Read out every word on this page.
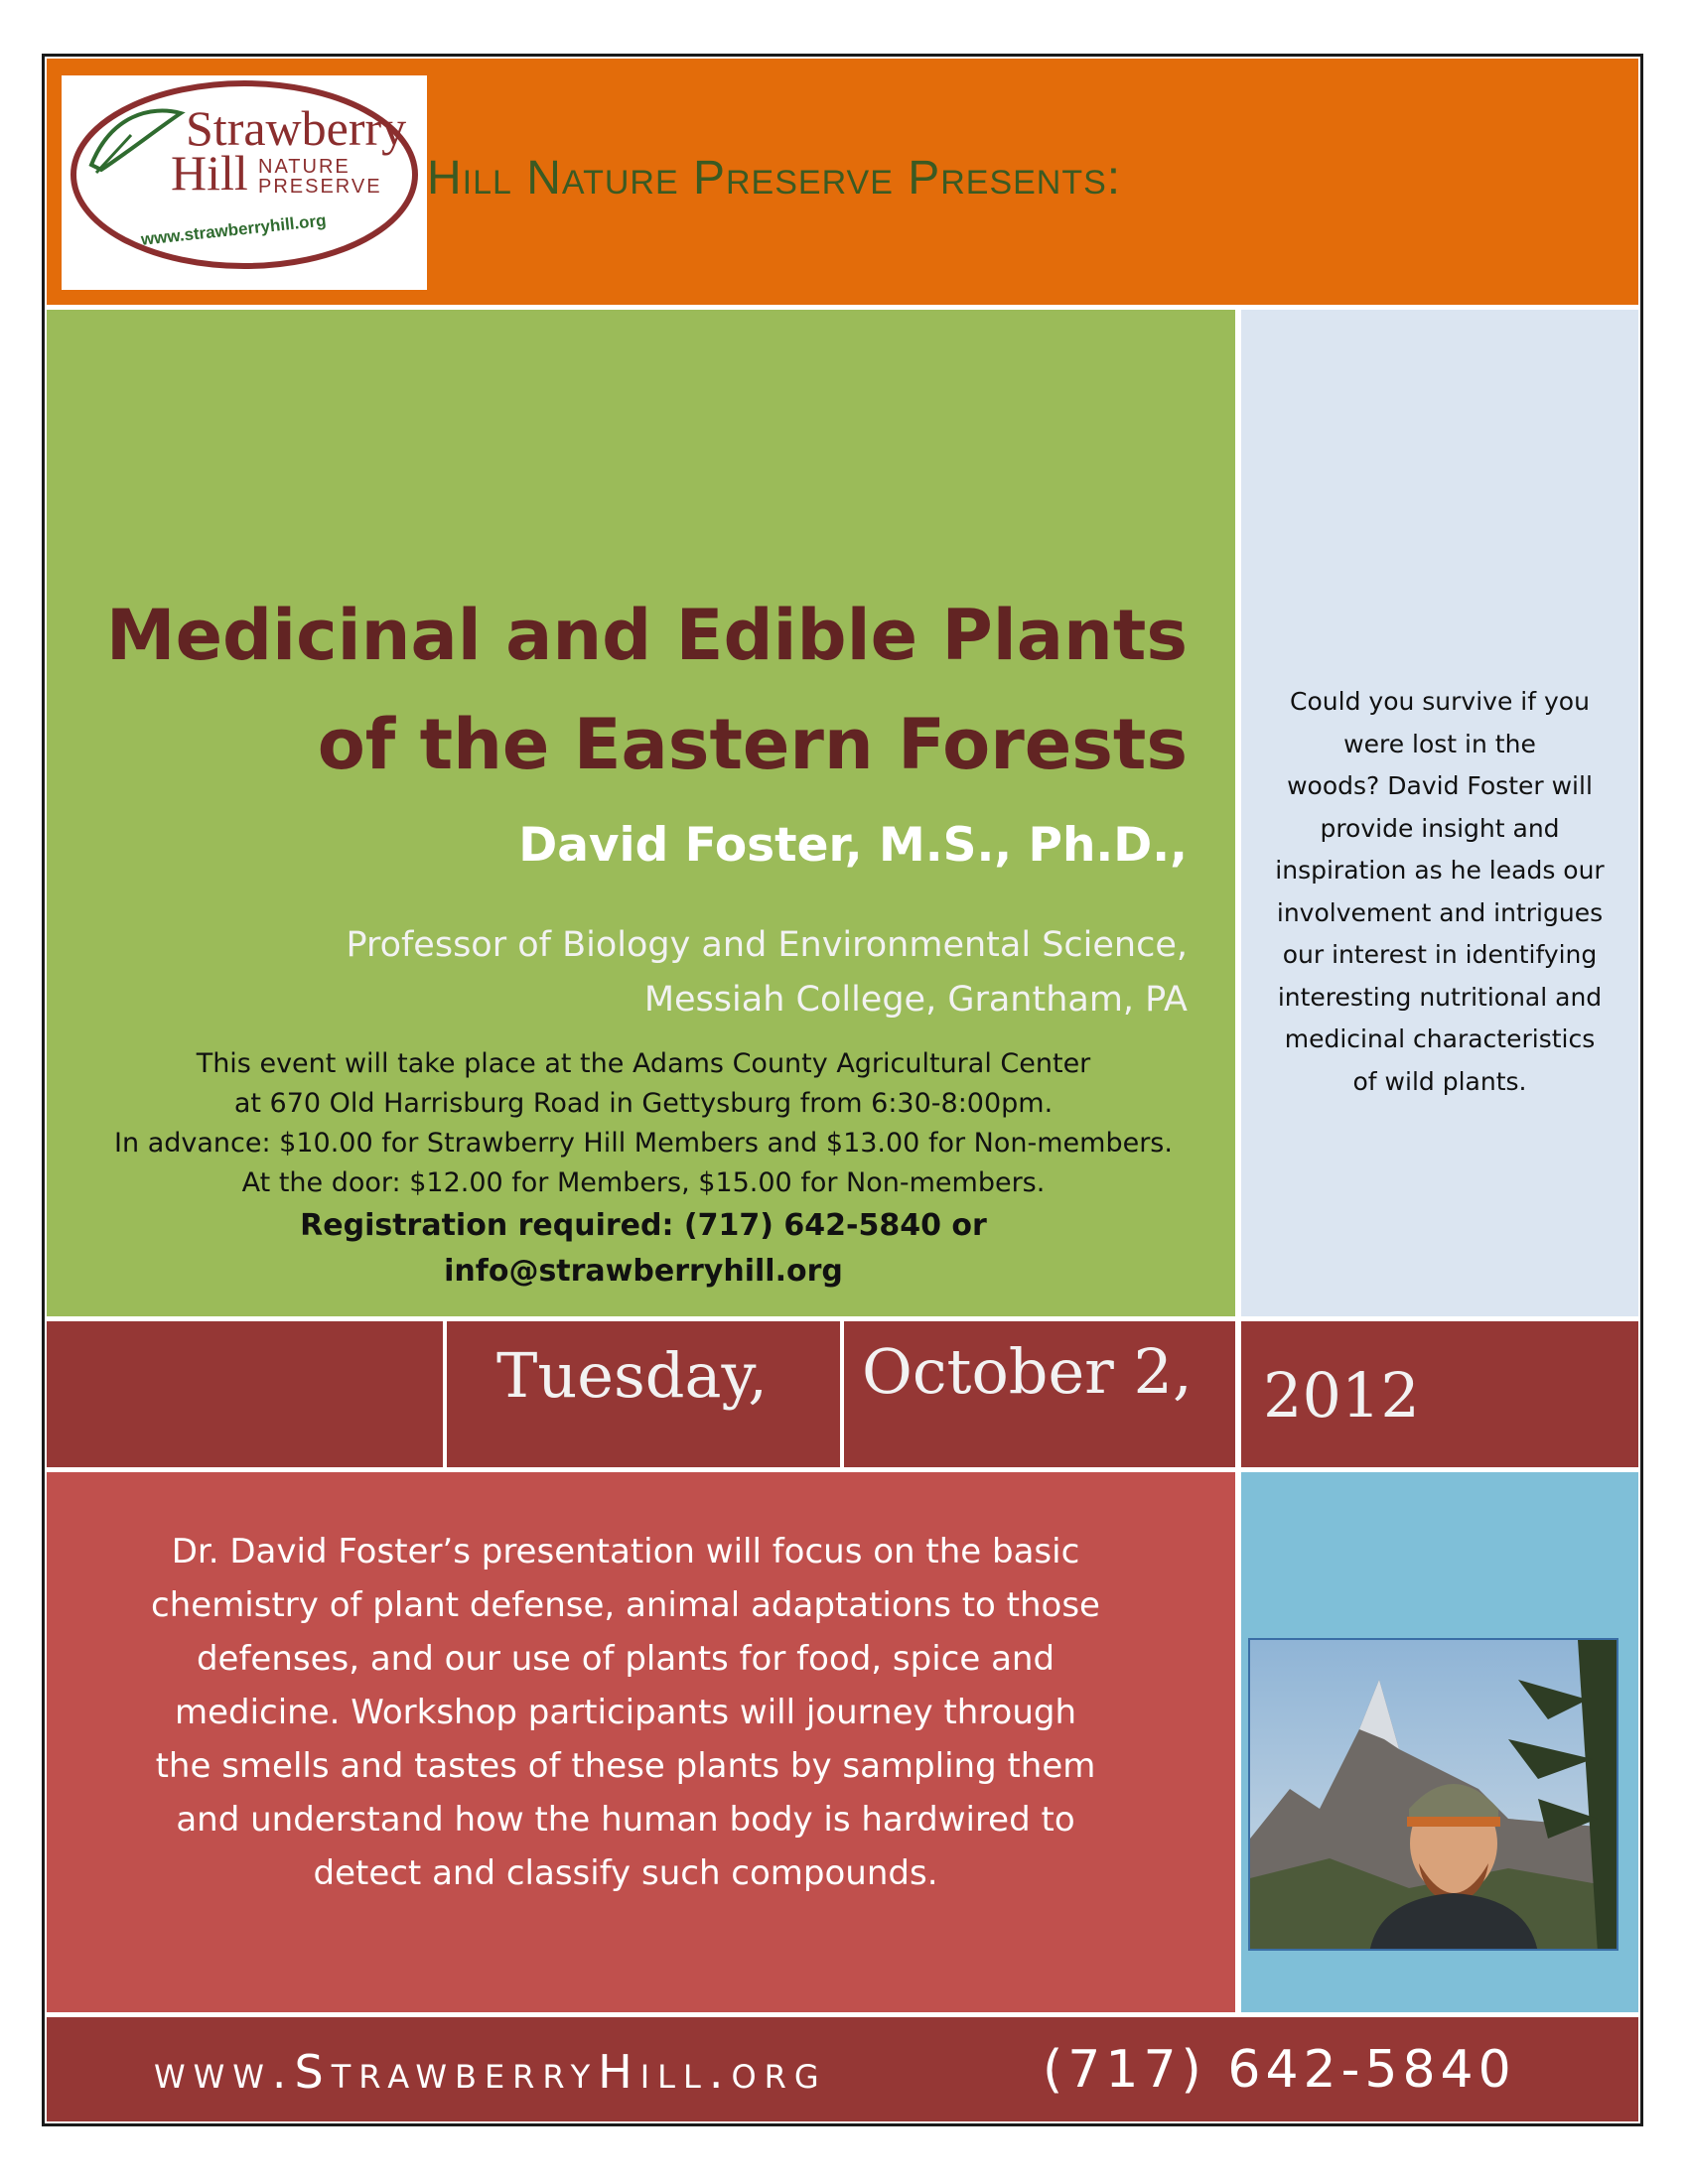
Strawberry
Hill NATURE
PRESERVE
www.strawberryhill.org
Hill Nature Preserve Presents:
Medicinal and Edible Plants
of the Eastern Forests
David Foster, M.S., Ph.D.,
Professor of Biology and Environmental Science,
Messiah College, Grantham, PA
This event will take place at the Adams County Agricultural Center
at 670 Old Harrisburg Road in Gettysburg from 6:30-8:00pm.
In advance: $10.00 for Strawberry Hill Members and $13.00 for Non-members.
At the door: $12.00 for Members, $15.00 for Non-members.
Registration required: (717) 642-5840 or info@strawberryhill.org
Could you survive if you
were lost in the
woods? David Foster will
provide insight and
inspiration as he leads our
involvement and intrigues
our interest in identifying
interesting nutritional and
medicinal characteristics
of wild plants.
Tuesday, October 2, 2012
Dr. David Foster’s presentation will focus on the basic
chemistry of plant defense, animal adaptations to those
defenses, and our use of plants for food, spice and
medicine. Workshop participants will journey through
the smells and tastes of these plants by sampling them
and understand how the human body is hardwired to
detect and classify such compounds.
www.StrawberryHill.org	(717) 642-5840
